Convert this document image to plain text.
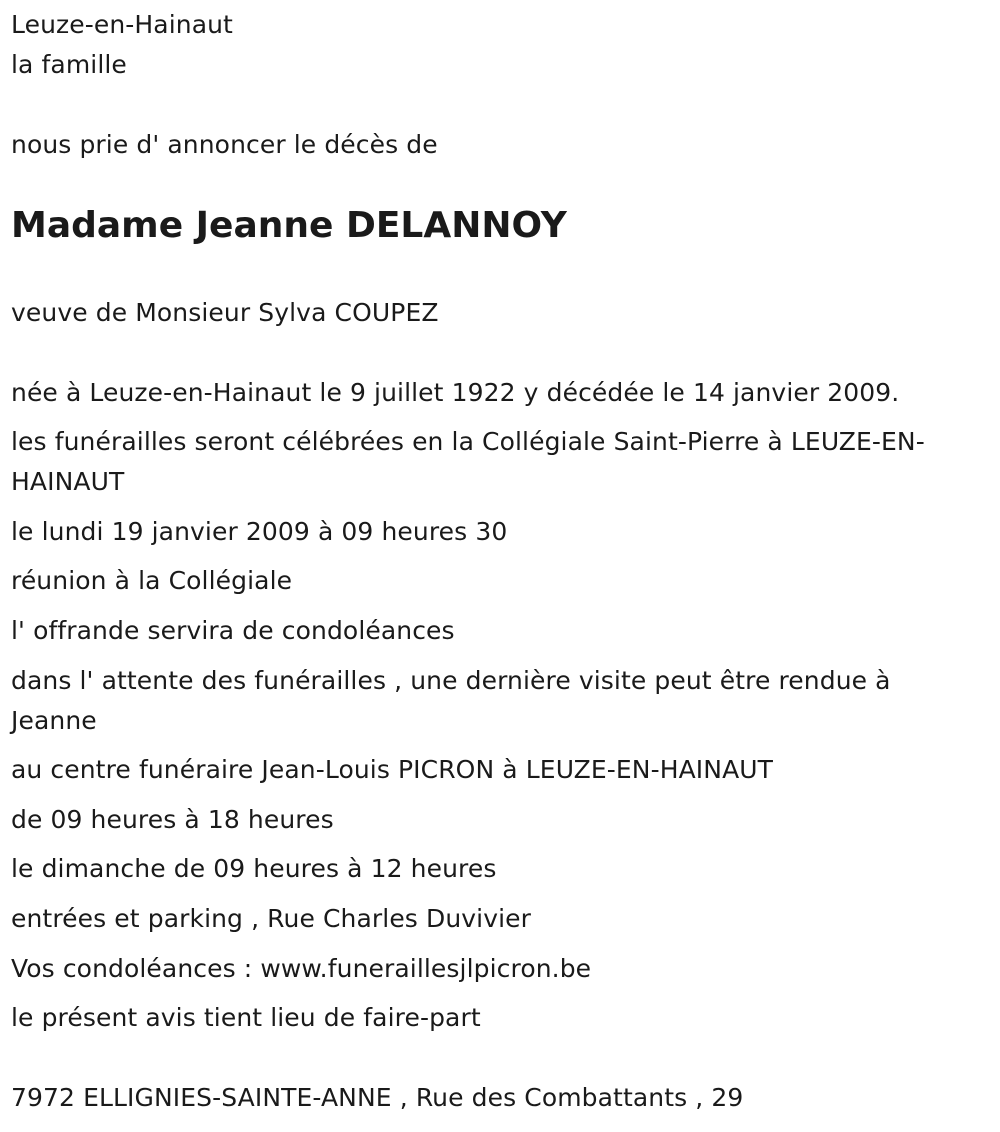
Leuze-en-Hainaut
la famille
nous prie d' annoncer le décès de
Madame Jeanne DELANNOY
veuve de Monsieur Sylva COUPEZ
née à Leuze-en-Hainaut le 9 juillet 1922 y décédée le 14 janvier 2009.
les funérailles seront célébrées en la Collégiale Saint-Pierre à LEUZE-EN-HAINAUT
le lundi 19 janvier 2009 à 09 heures 30
réunion à la Collégiale
l' offrande servira de condoléances
dans l' attente des funérailles , une dernière visite peut être rendue à Jeanne
au centre funéraire Jean-Louis PICRON à LEUZE-EN-HAINAUT
de 09 heures à 18 heures
le dimanche de 09 heures à 12 heures
entrées et parking , Rue Charles Duvivier
Vos condoléances : www.funeraillesjlpicron.be
le présent avis tient lieu de faire-part
7972 ELLIGNIES-SAINTE-ANNE , Rue des Combattants , 29
